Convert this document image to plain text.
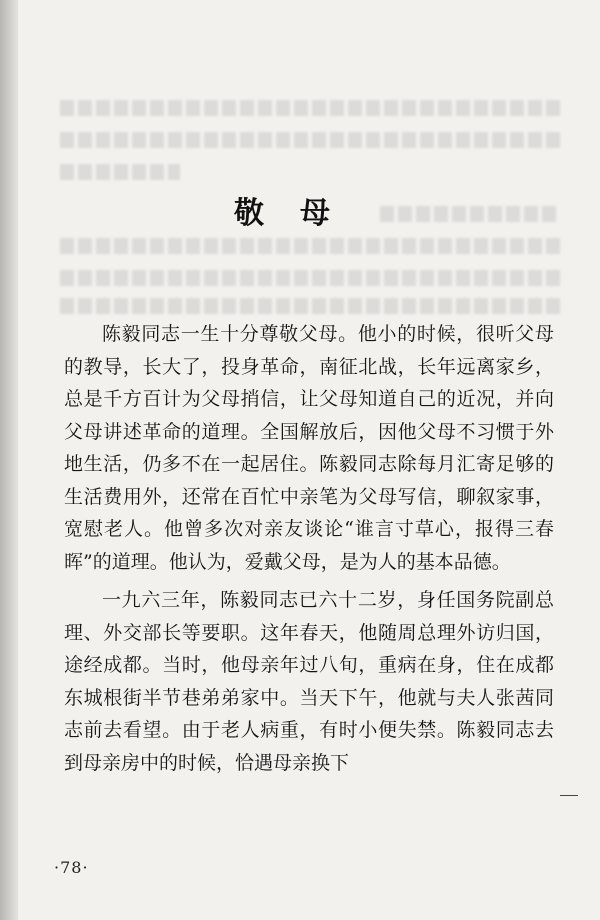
敬母

陈毅同志一生十分尊敬父母。他小的时候，很听父母的教导，长大了，投身革命，南征北战，长年远离家乡，总是千方百计为父母捎信，让父母知道自己的近况，并向父母讲述革命的道理。全国解放后，因他父母不习惯于外地生活，仍多不在一起居住。陈毅同志除每月汇寄足够的生活费用外，还常在百忙中亲笔为父母写信，聊叙家事，宽慰老人。他曾多次对亲友谈论“谁言寸草心，报得三春晖”的道理。他认为，爱戴父母，是为人的基本品德。

一九六三年，陈毅同志已六十二岁，身任国务院副总理、外交部长等要职。这年春天，他随周总理外访归国，途经成都。当时，他母亲年过八旬，重病在身，住在成都东城根街半节巷弟弟家中。当天下午，他就与夫人张茜同志前去看望。由于老人病重，有时小便失禁。陈毅同志去到母亲房中的时候，恰遇母亲换下

·78·
